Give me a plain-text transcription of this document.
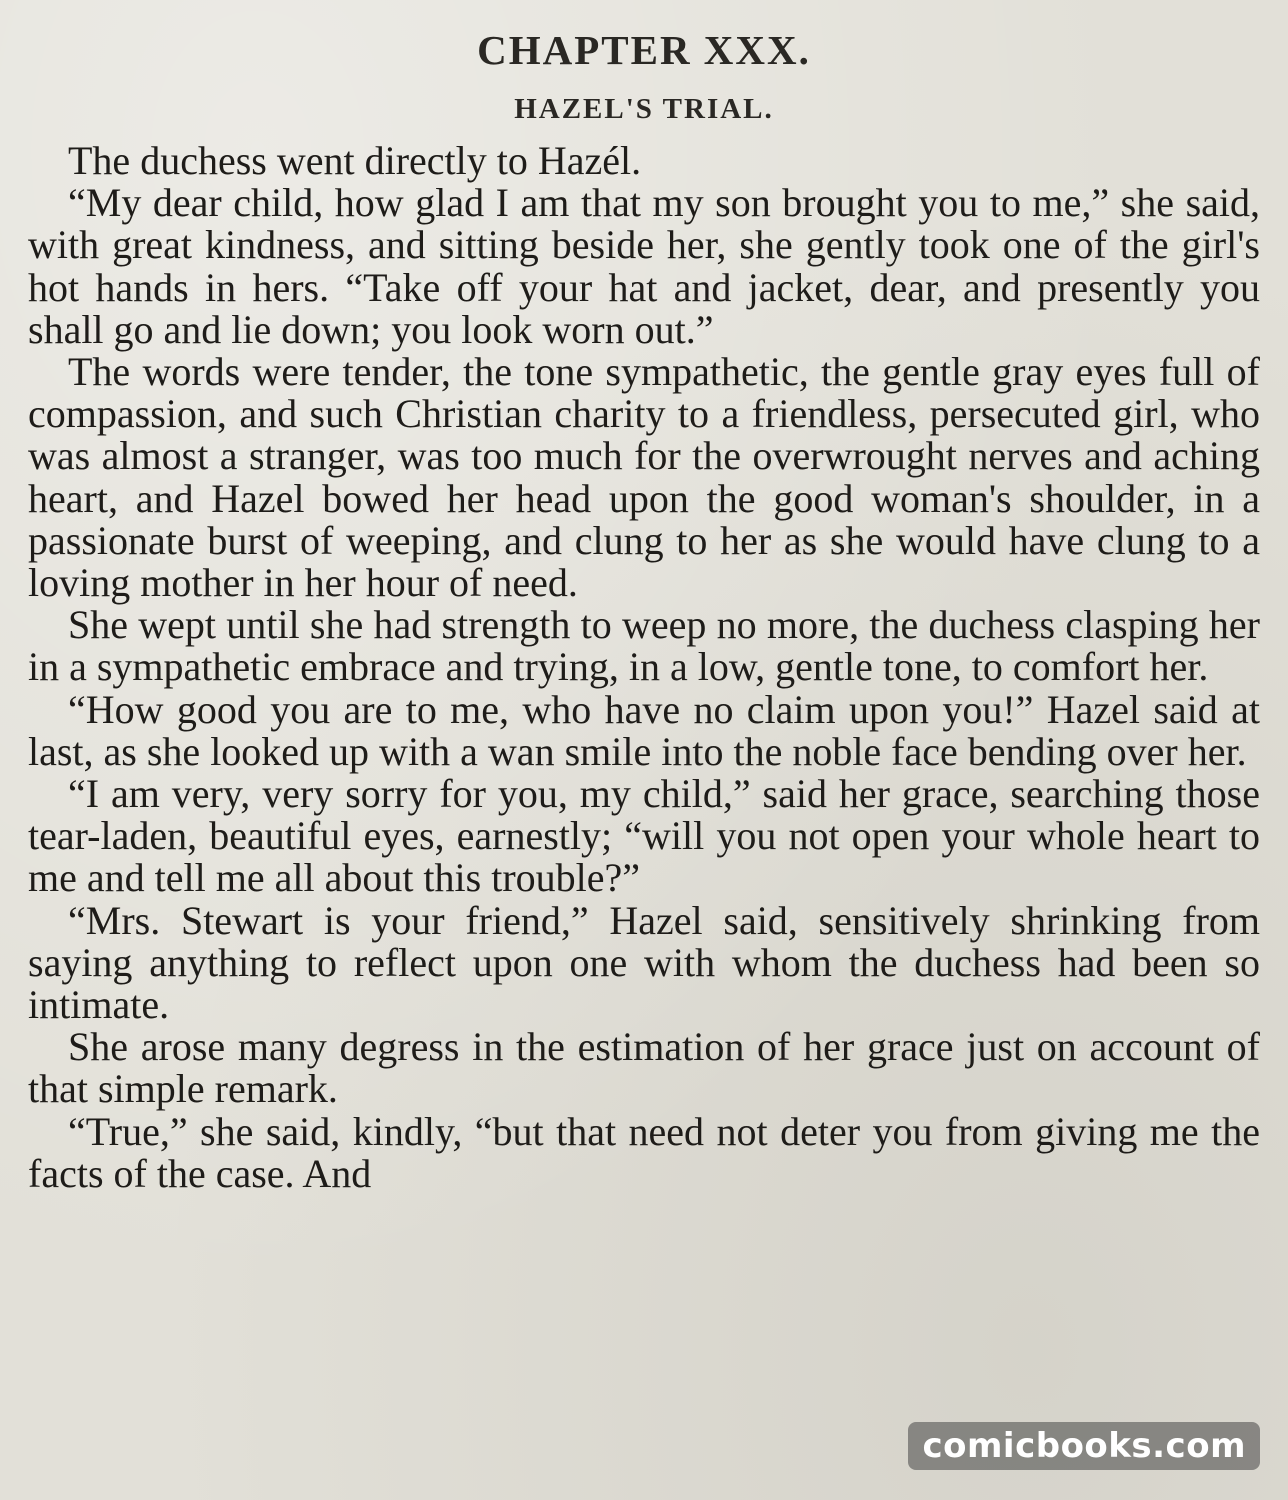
CHAPTER XXX.
HAZEL'S TRIAL.

The duchess went directly to Hazél.

“My dear child, how glad I am that my son brought you to me,” she said, with great kindness, and sitting beside her, she gently took one of the girl's hot hands in hers. “Take off your hat and jacket, dear, and presently you shall go and lie down; you look worn out.”

The words were tender, the tone sympathetic, the gentle gray eyes full of compassion, and such Christian charity to a friendless, persecuted girl, who was almost a stranger, was too much for the overwrought nerves and aching heart, and Hazel bowed her head upon the good woman's shoulder, in a passionate burst of weeping, and clung to her as she would have clung to a loving mother in her hour of need.

She wept until she had strength to weep no more, the duchess clasping her in a sympathetic embrace and trying, in a low, gentle tone, to comfort her.

“How good you are to me, who have no claim upon you!” Hazel said at last, as she looked up with a wan smile into the noble face bending over her.

“I am very, very sorry for you, my child,” said her grace, searching those tear-laden, beautiful eyes, earnestly; “will you not open your whole heart to me and tell me all about this trouble?”

“Mrs. Stewart is your friend,” Hazel said, sensitively shrinking from saying anything to reflect upon one with whom the duchess had been so intimate.

She arose many degress in the estimation of her grace just on account of that simple remark.

“True,” she said, kindly, “but that need not deter you from giving me the facts of the case. And

comicbooks.com
